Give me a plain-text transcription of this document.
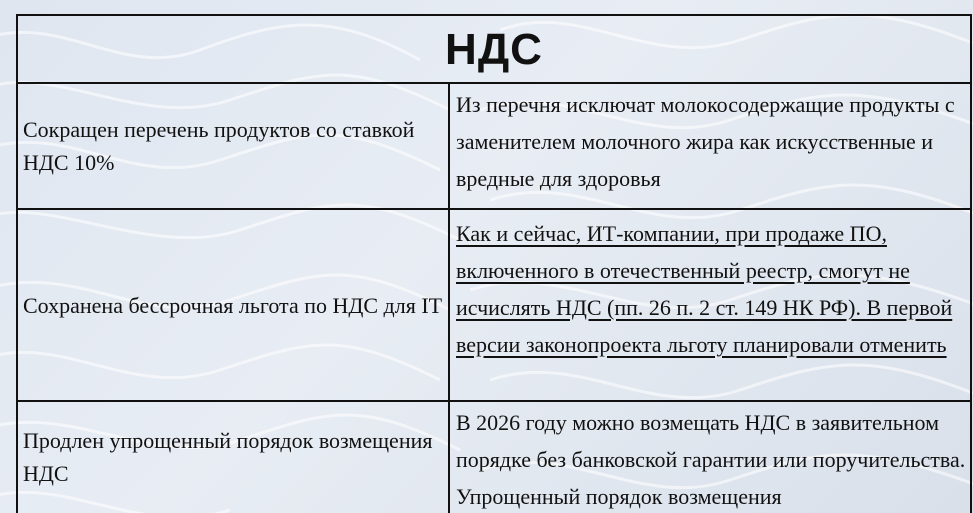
НДС
Сокращен перечень продуктов со ставкой НДС 10%
Из перечня исключат молокосодержащие продукты с заменителем молочного жира как искусственные и вредные для здоровья
Сохранена бессрочная льгота по НДС для IT
Как и сейчас, ИТ-компании, при продаже ПО, включенного в отечественный реестр, смогут не исчислять НДС (пп. 26 п. 2 ст. 149 НК РФ). В первой версии законопроекта льготу планировали отменить
Продлен упрощенный порядок возмещения НДС
В 2026 году можно возмещать НДС в заявительном порядке без банковской гарантии или поручительства. Упрощенный порядок возмещения
